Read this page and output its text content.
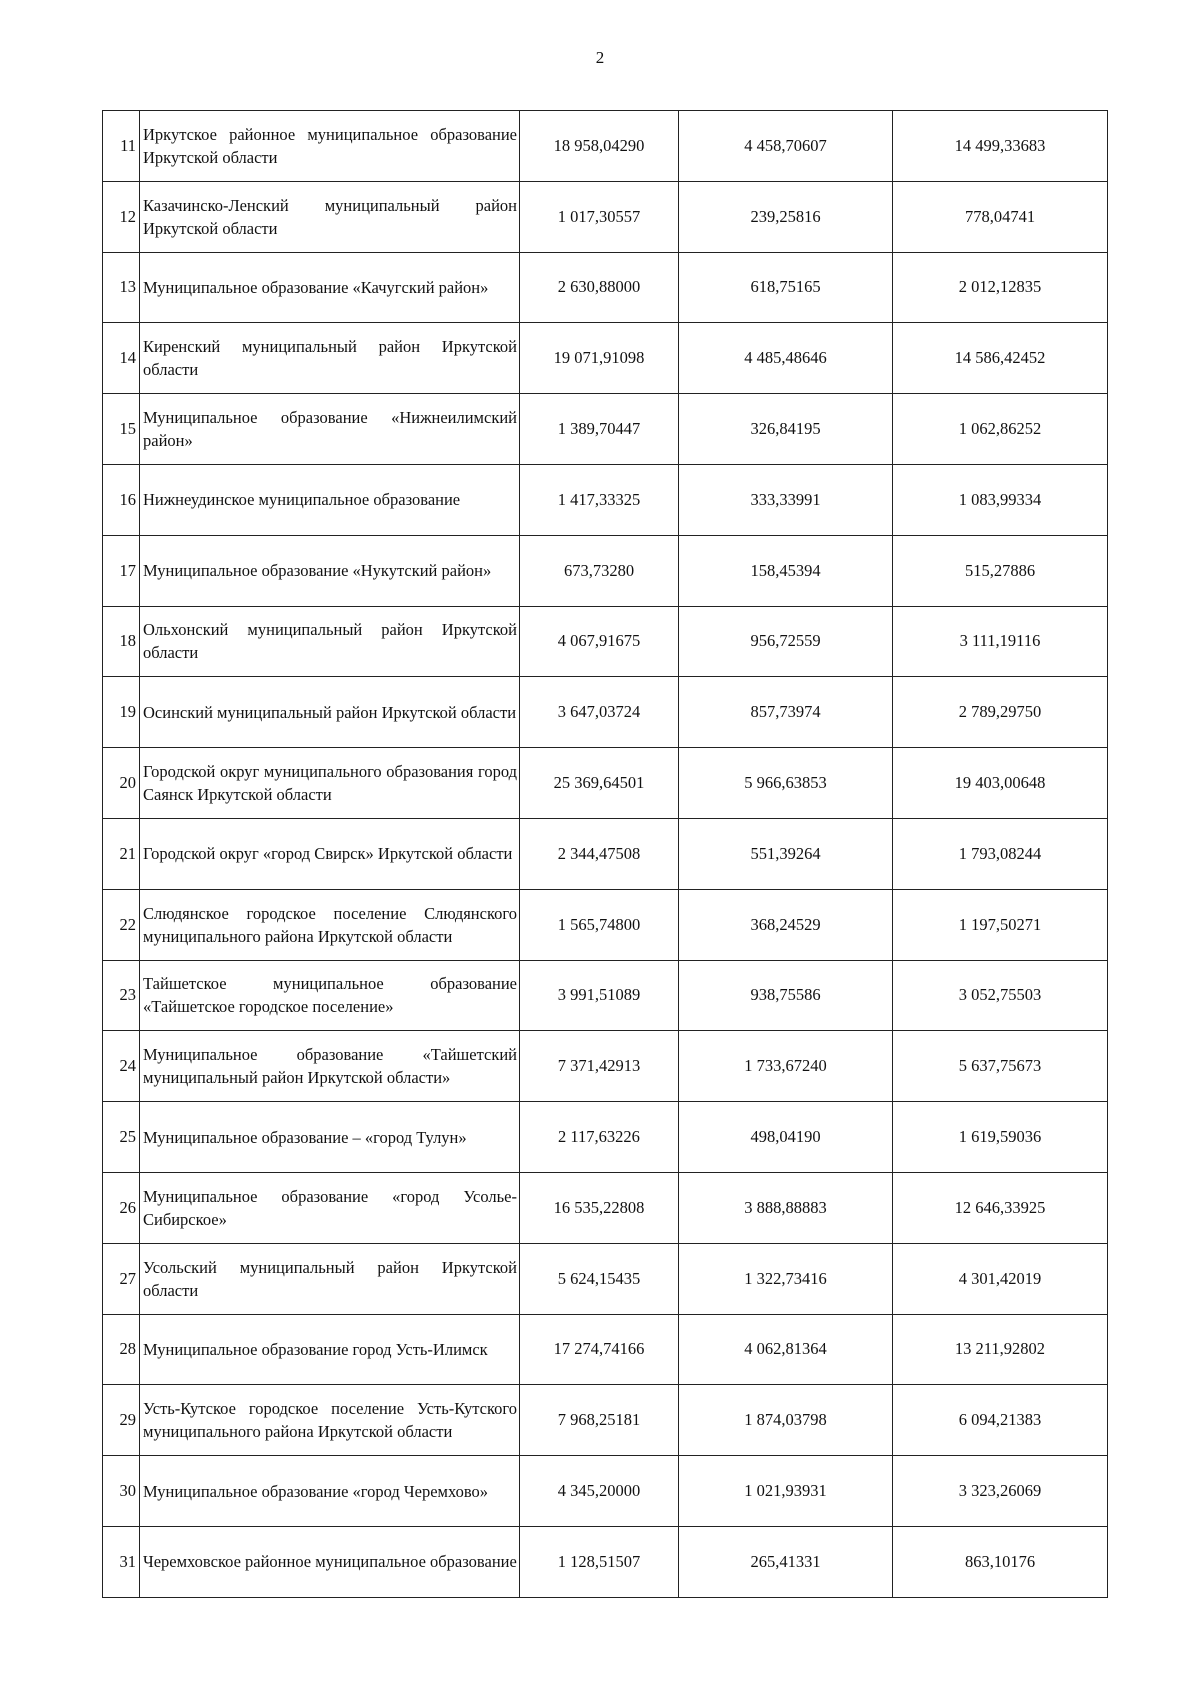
2
11	Иркутское районное муниципальное образование Иркутской области	18 958,04290	4 458,70607	14 499,33683
12	Казачинско-Ленский муниципальный район Иркутской области	1 017,30557	239,25816	778,04741
13	Муниципальное образование «Качугский район»	2 630,88000	618,75165	2 012,12835
14	Киренский муниципальный район Иркутской области	19 071,91098	4 485,48646	14 586,42452
15	Муниципальное образование «Нижнеилимский район»	1 389,70447	326,84195	1 062,86252
16	Нижнеудинское муниципальное образование	1 417,33325	333,33991	1 083,99334
17	Муниципальное образование «Нукутский район»	673,73280	158,45394	515,27886
18	Ольхонский муниципальный район Иркутской области	4 067,91675	956,72559	3 111,19116
19	Осинский муниципальный район Иркутской области	3 647,03724	857,73974	2 789,29750
20	Городской округ муниципального образования город Саянск Иркутской области	25 369,64501	5 966,63853	19 403,00648
21	Городской округ «город Свирск» Иркутской области	2 344,47508	551,39264	1 793,08244
22	Слюдянское городское поселение Слюдянского муниципального района Иркутской области	1 565,74800	368,24529	1 197,50271
23	Тайшетское муниципальное образование «Тайшетское городское поселение»	3 991,51089	938,75586	3 052,75503
24	Муниципальное образование «Тайшетский муниципальный район Иркутской области»	7 371,42913	1 733,67240	5 637,75673
25	Муниципальное образование – «город Тулун»	2 117,63226	498,04190	1 619,59036
26	Муниципальное образование «город Усолье-Сибирское»	16 535,22808	3 888,88883	12 646,33925
27	Усольский муниципальный район Иркутской области	5 624,15435	1 322,73416	4 301,42019
28	Муниципальное образование город Усть-Илимск	17 274,74166	4 062,81364	13 211,92802
29	Усть-Кутское городское поселение Усть-Кутского муниципального района Иркутской области	7 968,25181	1 874,03798	6 094,21383
30	Муниципальное образование «город Черемхово»	4 345,20000	1 021,93931	3 323,26069
31	Черемховское районное муниципальное образование	1 128,51507	265,41331	863,10176
